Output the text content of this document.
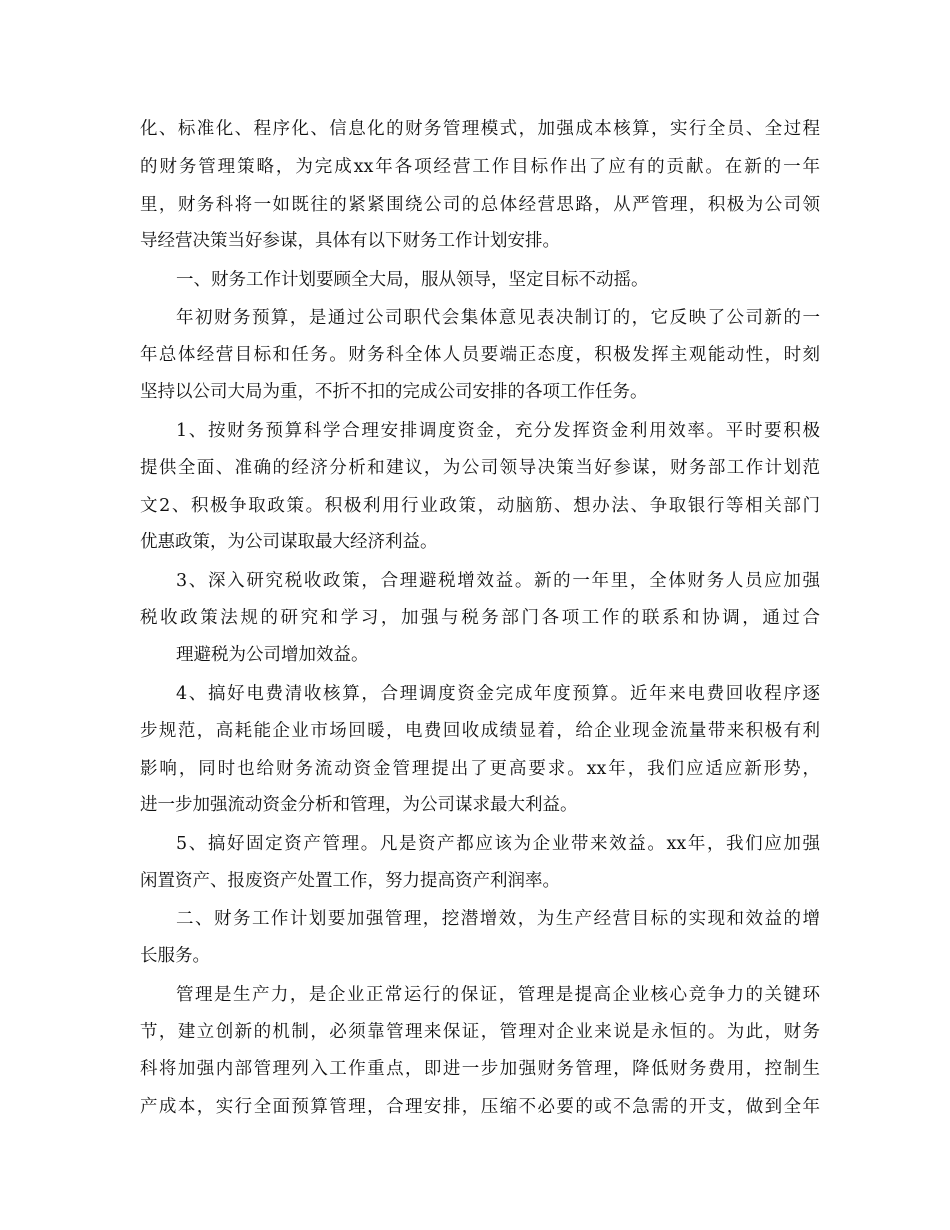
化、标准化、程序化、信息化的财务管理模式，加强成本核算，实行全员、全过程
的财务管理策略，为完成xx年各项经营工作目标作出了应有的贡献。在新的一年
里，财务科将一如既往的紧紧围绕公司的总体经营思路，从严管理，积极为公司领
导经营决策当好参谋，具体有以下财务工作计划安排。
一、财务工作计划要顾全大局，服从领导，坚定目标不动摇。
年初财务预算，是通过公司职代会集体意见表决制订的，它反映了公司新的一
年总体经营目标和任务。财务科全体人员要端正态度，积极发挥主观能动性，时刻
坚持以公司大局为重，不折不扣的完成公司安排的各项工作任务。
1、按财务预算科学合理安排调度资金，充分发挥资金利用效率。平时要积极
提供全面、准确的经济分析和建议，为公司领导决策当好参谋，财务部工作计划范
文2、积极争取政策。积极利用行业政策，动脑筋、想办法、争取银行等相关部门
优惠政策，为公司谋取最大经济利益。
3、深入研究税收政策，合理避税增效益。新的一年里，全体财务人员应加强
税收政策法规的研究和学习，加强与税务部门各项工作的联系和协调，通过合
理避税为公司增加效益。
4、搞好电费清收核算，合理调度资金完成年度预算。近年来电费回收程序逐
步规范，高耗能企业市场回暖，电费回收成绩显着，给企业现金流量带来积极有利
影响，同时也给财务流动资金管理提出了更高要求。xx年，我们应适应新形势，
进一步加强流动资金分析和管理，为公司谋求最大利益。
5、搞好固定资产管理。凡是资产都应该为企业带来效益。xx年，我们应加强
闲置资产、报废资产处置工作，努力提高资产利润率。
二、财务工作计划要加强管理，挖潜增效，为生产经营目标的实现和效益的增
长服务。
管理是生产力，是企业正常运行的保证，管理是提高企业核心竞争力的关键环
节，建立创新的机制，必须靠管理来保证，管理对企业来说是永恒的。为此，财务
科将加强内部管理列入工作重点，即进一步加强财务管理，降低财务费用，控制生
产成本，实行全面预算管理，合理安排，压缩不必要的或不急需的开支，做到全年
